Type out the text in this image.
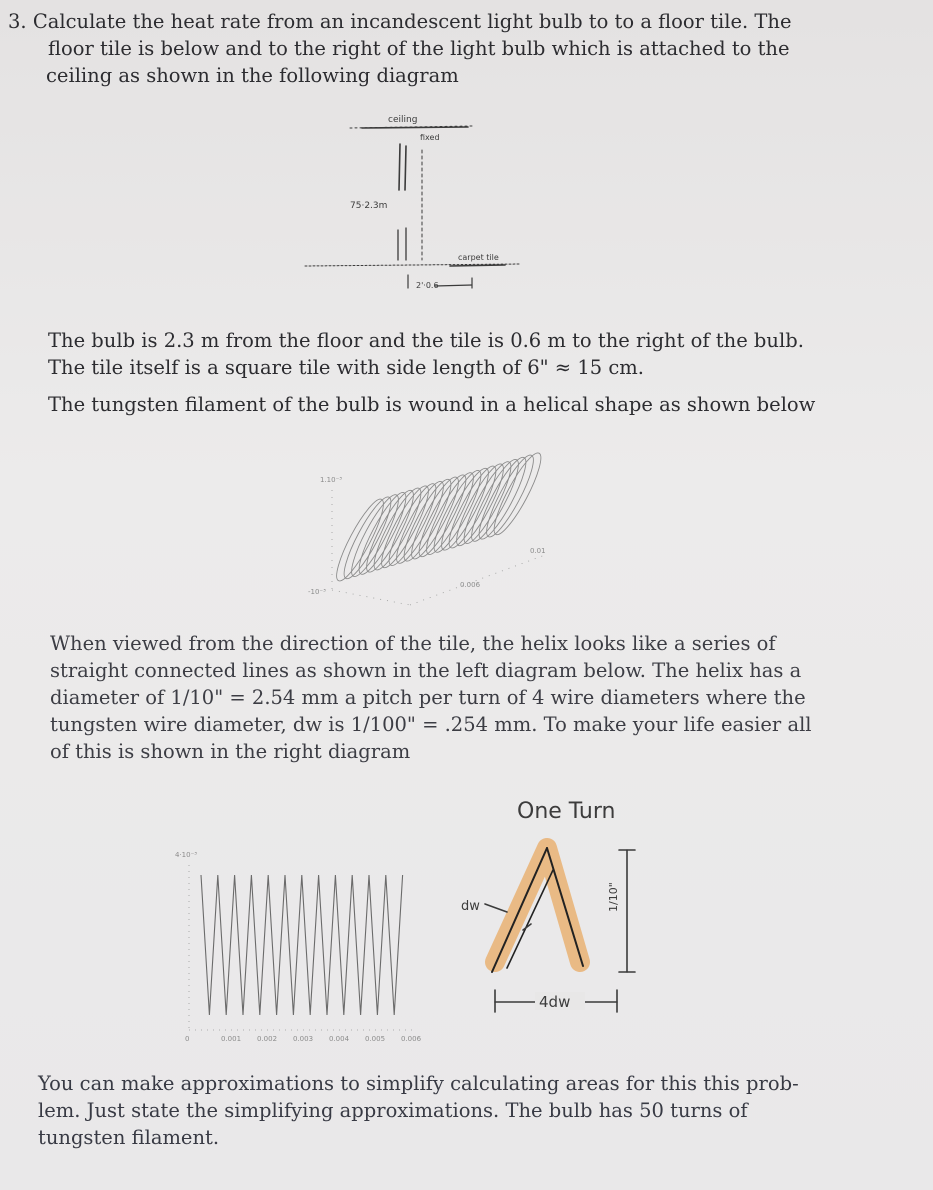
3. Calculate the heat rate from an incandescent light bulb to to a floor tile. The
floor tile is below and to the right of the light bulb which is attached to the
ceiling as shown in the following diagram
ceiling
fixed
75·2.3m
carpet tile
2'·0.6
The bulb is 2.3 m from the floor and the tile is 0.6 m to the right of the bulb.
The tile itself is a square tile with side length of 6" ≈ 15 cm.
The tungsten filament of the bulb is wound in a helical shape as shown below
1.10⁻³
-10⁻³
0.006
0.01
When viewed from the direction of the tile, the helix looks like a series of
straight connected lines as shown in the left diagram below. The helix has a
diameter of 1/10" = 2.54 mm a pitch per turn of 4 wire diameters where the
tungsten wire diameter, dw is 1/100" = .254 mm. To make your life easier all
of this is shown in the right diagram
4·10⁻³
0	0.001 0.002 0.003 0.004 0.005 0.006
One Turn
dw	1/10"
4dw
You can make approximations to simplify calculating areas for this this prob-
lem. Just state the simplifying approximations. The bulb has 50 turns of
tungsten filament.
